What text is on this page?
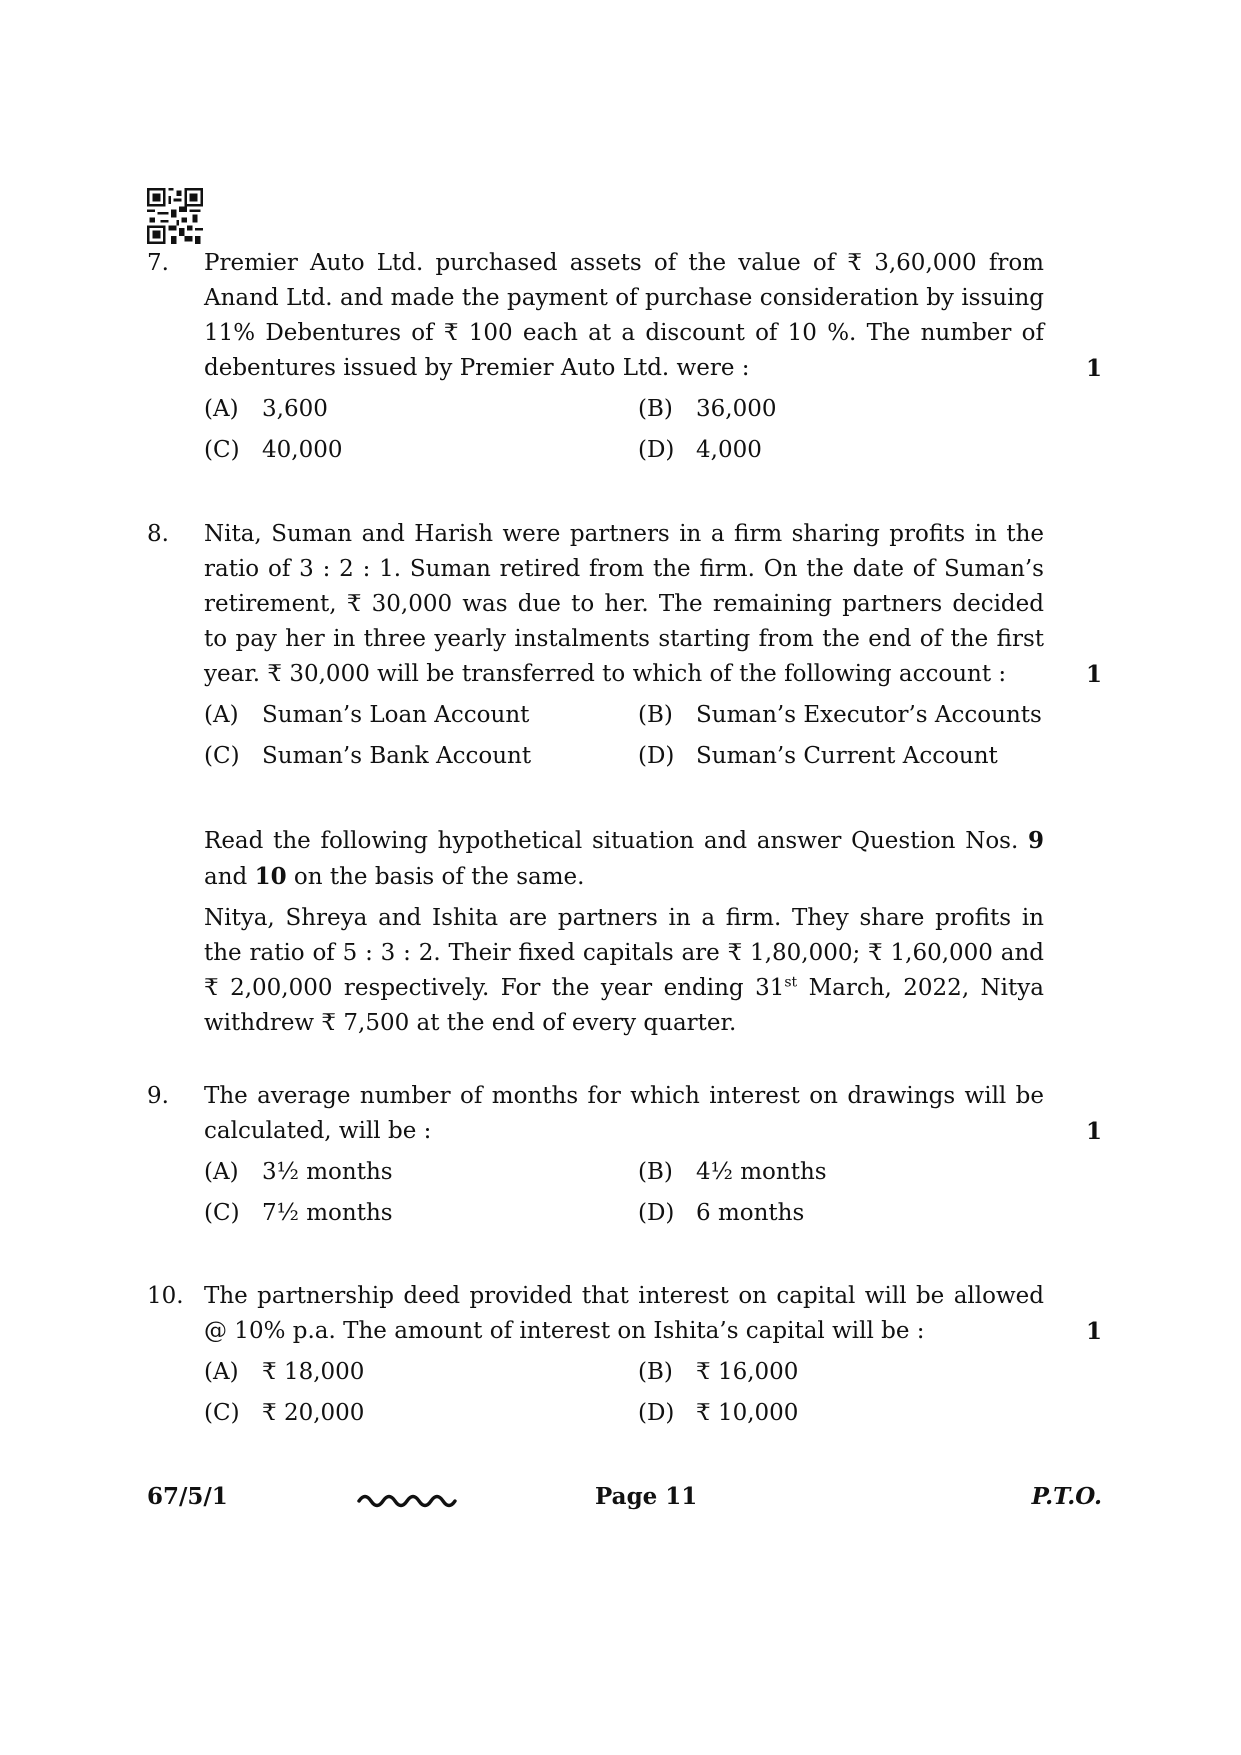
7.	Premier Auto Ltd. purchased assets of the value of ₹ 3,60,000 from Anand Ltd. and made the payment of purchase consideration by issuing 11% Debentures of ₹ 100 each at a discount of 10 %. The number of debentures issued by Premier Auto Ltd. were :	1
(A)	3,600	(B)	36,000
(C) 40,000	(D) 4,000
8.	Nita, Suman and Harish were partners in a firm sharing profits in the ratio of 3 : 2 : 1. Suman retired from the firm. On the date of Suman’s retirement, ₹ 30,000 was due to her. The remaining partners decided to pay her in three yearly instalments starting from the end of the first year. ₹ 30,000 will be transferred to which of the following account :	1
(A)	Suman’s Loan Account	(B)	Suman’s Executor’s Accounts
(C) Suman’s Bank Account	(D) Suman’s Current Account

Read the following hypothetical situation and answer Question Nos. 9 and 10 on the basis of the same.

Nitya, Shreya and Ishita are partners in a firm. They share profits in the ratio of 5 : 3 : 2. Their fixed capitals are ₹ 1,80,000; ₹ 1,60,000 and ₹ 2,00,000 respectively. For the year ending 31st March, 2022, Nitya withdrew ₹ 7,500 at the end of every quarter.

9.	The average number of months for which interest on drawings will be calculated, will be :	1
(A)	3½ months	(B)	4½ months
(C) 7½ months	(D) 6 months
10. The partnership deed provided that interest on capital will be allowed @ 10% p.a. The amount of interest on Ishita’s capital will be :	1
(A)	₹ 18,000	(B)	₹ 16,000
(C) ₹ 20,000	(D) ₹ 10,000
67/5/1	Page 11	P.T.O.
